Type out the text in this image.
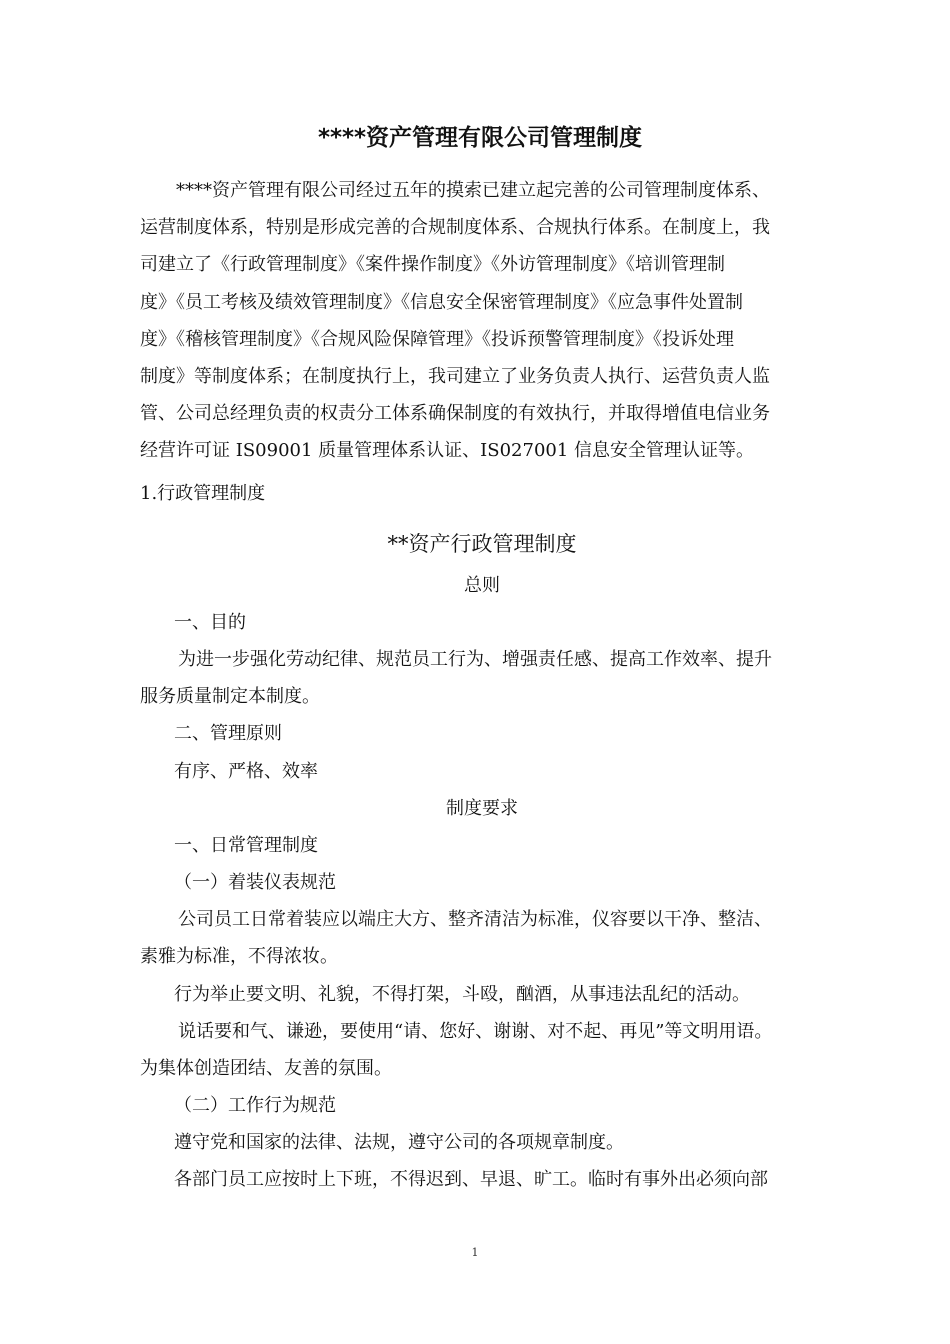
****资产管理有限公司管理制度
****资产管理有限公司经过五年的摸索已建立起完善的公司管理制度体系、
运营制度体系，特别是形成完善的合规制度体系、合规执行体系。在制度上，我
司建立了《行政管理制度》《案件操作制度》《外访管理制度》《培训管理制
度》《员工考核及绩效管理制度》《信息安全保密管理制度》《应急事件处置制
度》《稽核管理制度》《合规风险保障管理》《投诉预警管理制度》《投诉处理
制度》等制度体系；在制度执行上，我司建立了业务负责人执行、运营负责人监
管、公司总经理负责的权责分工体系确保制度的有效执行，并取得增值电信业务
经营许可证 IS09001 质量管理体系认证、IS027001 信息安全管理认证等。
1.行政管理制度
**资产行政管理制度
总则
一、目的
为进一步强化劳动纪律、规范员工行为、增强责任感、提高工作效率、提升
服务质量制定本制度。
二、管理原则
有序、严格、效率
制度要求
一、日常管理制度
（一）着装仪表规范
公司员工日常着装应以端庄大方、整齐清洁为标准，仪容要以干净、整洁、
素雅为标准，不得浓妆。
行为举止要文明、礼貌，不得打架，斗殴，酗酒，从事违法乱纪的活动。
说话要和气、谦逊，要使用“请、您好、谢谢、对不起、再见”等文明用语。
为集体创造团结、友善的氛围。
（二）工作行为规范
遵守党和国家的法律、法规，遵守公司的各项规章制度。
各部门员工应按时上下班，不得迟到、早退、旷工。临时有事外出必须向部
1
